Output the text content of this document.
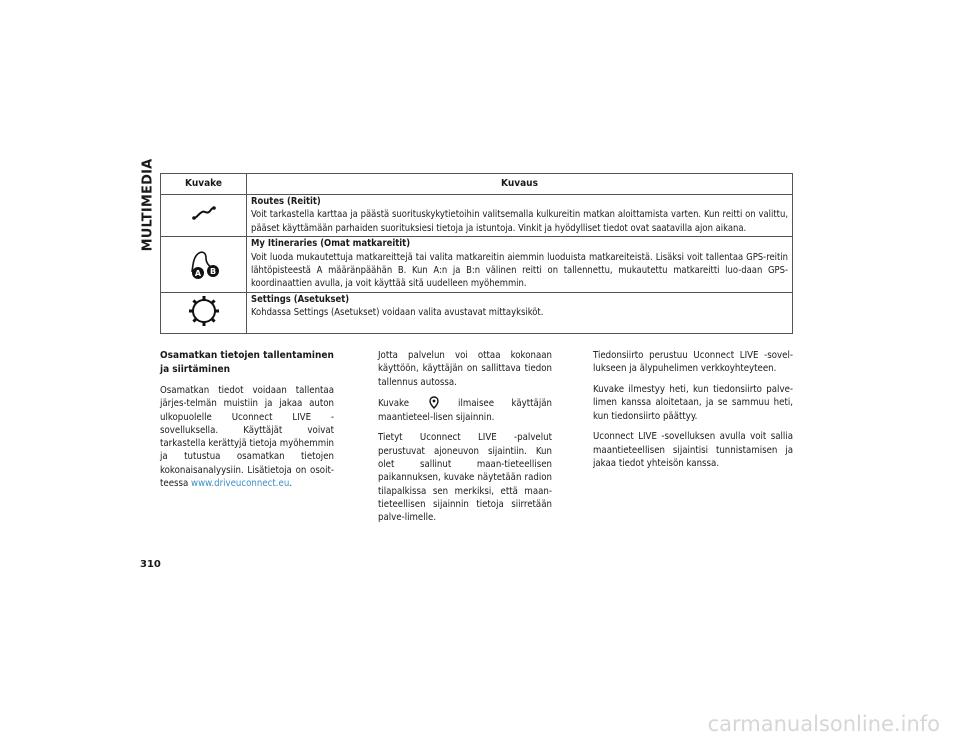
MULTIMEDIA	Kuvake	Kuvaus

Routes (Reitit)
Voit tarkastella karttaa ja päästä suorituskykytietoihin valitsemalla kulkureitin matkan aloittamista varten. Kun reitti on valittu, pääset käyttämään parhaiden suorituksiesi tietoja ja istuntoja. Vinkit ja hyödylliset tiedot ovat saatavilla ajon aikana.

A B	My Itineraries (Omat matkareitit)
Voit luoda mukautettuja matkareittejä tai valita matkareitin aiemmin luoduista matkareiteistä. Lisäksi voit tallentaa GPS-reitin lähtöpisteestä A määränpäähän B. Kun A:n ja B:n välinen reitti on tallennettu, mukautettu matkareitti luo-daan GPS-koordinaattien avulla, ja voit käyttää sitä uudelleen myöhemmin.

Settings (Asetukset)
Kohdassa Settings (Asetukset) voidaan valita avustavat mittayksiköt.

Osamatkan tietojen tallentaminen ja siirtäminen

Osamatkan tiedot voidaan tallentaa järjes-telmän muistiin ja jakaa auton ulkopuolelle Uconnect LIVE -sovelluksella. Käyttäjät voivat tarkastella kerättyjä tietoja myöhemmin ja tutustua osamatkan tietojen kokonaisanalyysiin. Lisätietoja on osoit-teessa www.driveuconnect.eu.

Jotta palvelun voi ottaa kokonaan käyttöön, käyttäjän on sallittava tiedon tallennus autossa.

Kuvake	ilmaisee käyttäjän maantieteel-lisen sijainnin.

Tietyt Uconnect LIVE -palvelut perustuvat ajoneuvon sijaintiin. Kun olet sallinut maan-tieteellisen paikannuksen, kuvake näytetään radion tilapalkissa sen merkiksi, että maan-tieteellisen sijainnin tietoja siirretään palve-limelle.

Tiedonsiirto perustuu Uconnect LIVE -sovel-lukseen ja älypuhelimen verkkoyhteyteen.

Kuvake ilmestyy heti, kun tiedonsiirto palve-limen kanssa aloitetaan, ja se sammuu heti, kun tiedonsiirto päättyy.

Uconnect LIVE -sovelluksen avulla voit sallia maantieteellisen sijaintisi tunnistamisen ja jakaa tiedot yhteisön kanssa.

310
carmanualsonline.info
